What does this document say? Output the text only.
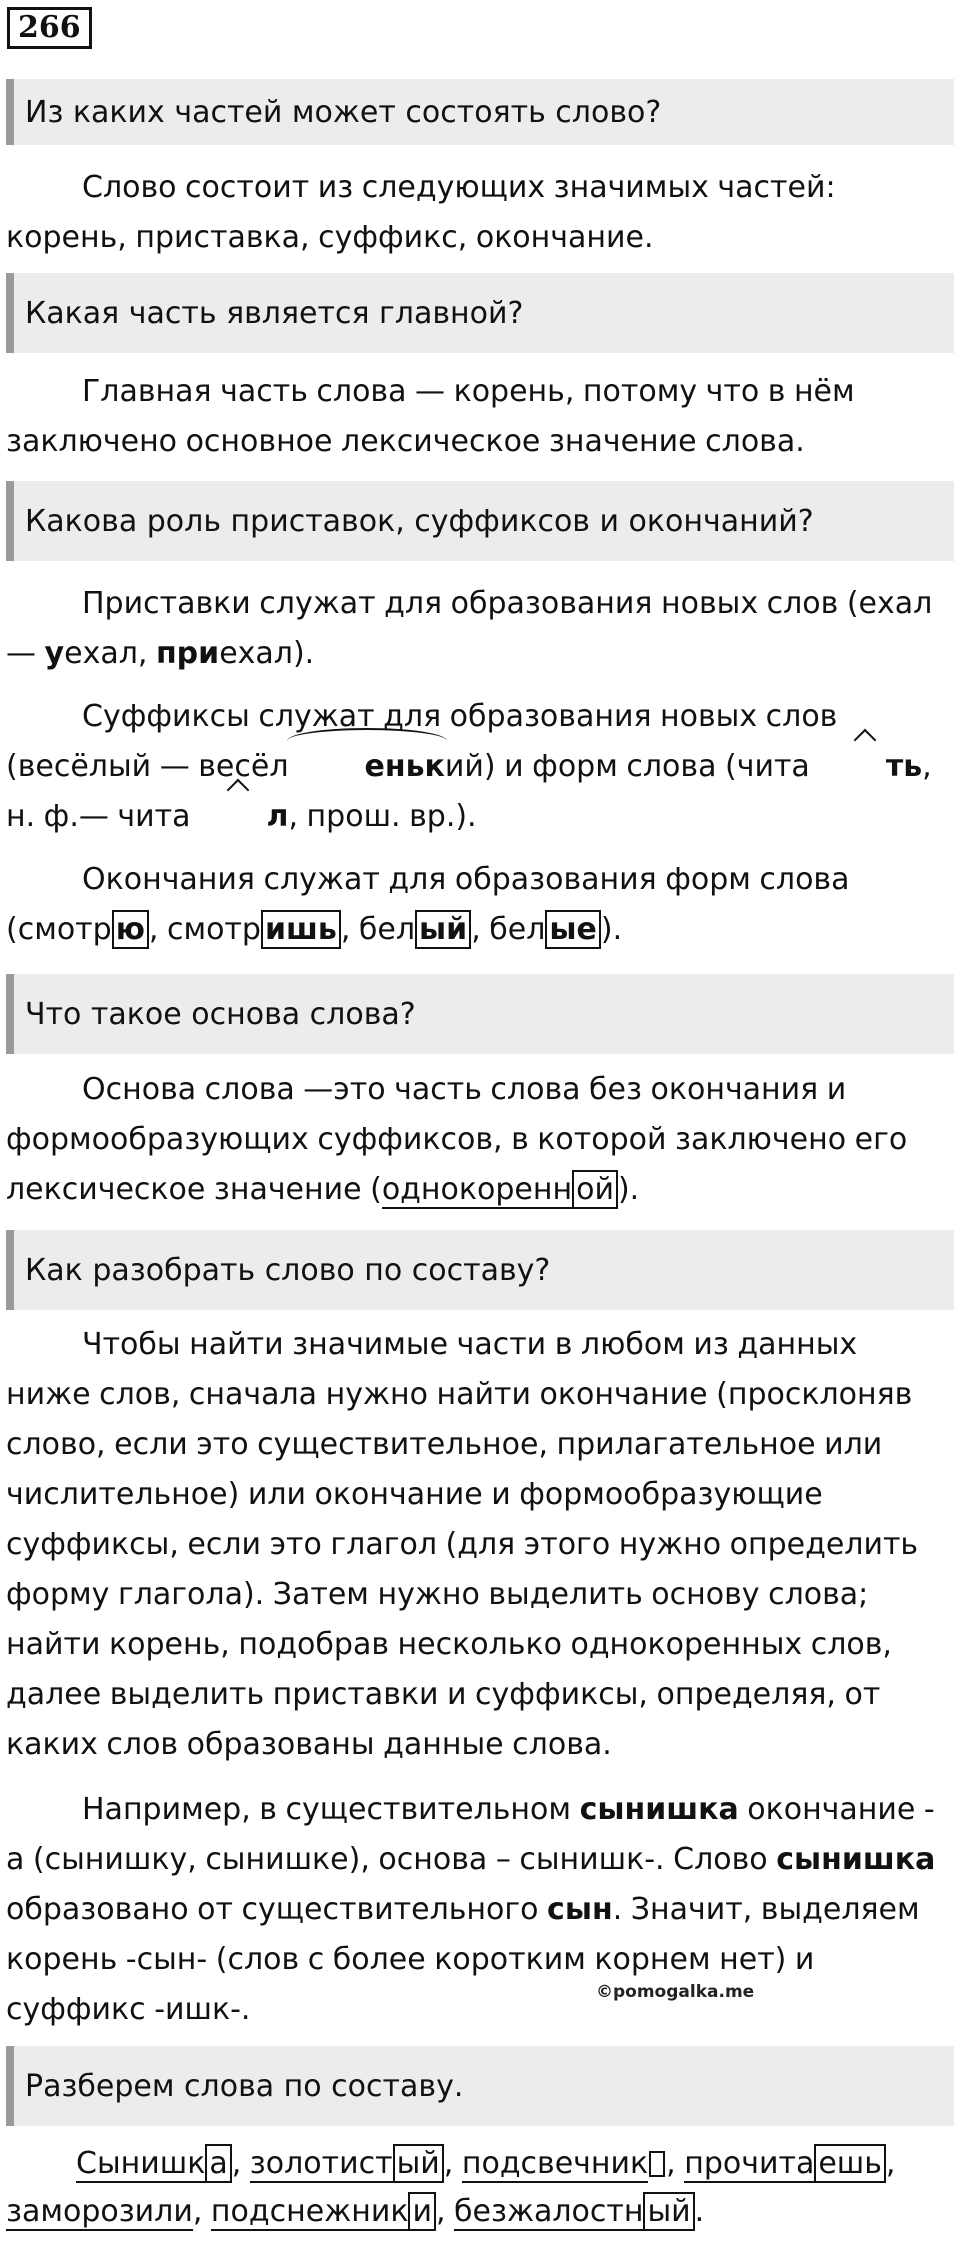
266
Из каких частей может состоять слово?

Слово состоит из следующих значимых частей: корень, приставка, суффикс, окончание.

Какая часть является главной?

Главная часть слова — корень, потому что в нём заключено основное лексическое значение слова.

Какова роль приставок, суффиксов и окончаний?

Приставки служат для образования новых слов (ехал — уехал, приехал).

Суффиксы служат для образования новых слов (весёлый — весёл	енький) и форм слова (чита	ть, н. ф.— чита	л, прош. вр.).

Окончания служат для образования форм слова (смотр ю , смотр ишь , бел ый , бел ые ).

Что такое основа слова?

Основа слова —это часть слова без окончания и формообразующих суффиксов, в которой заключено его лексическое значение (однокоренн ой ).

Как разобрать слово по составу?

Чтобы найти значимые части в любом из данных ниже слов, сначала нужно найти окончание (просклоняв слово, если это существительное, прилагательное или числительное) или окончание и формообразующие суффиксы, если это глагол (для этого нужно определить форму глагола). Затем нужно выделить основу слова; найти корень, подобрав несколько однокоренных слов, далее выделить приставки и суффиксы, определяя, от каких слов образованы данные слова.

Например, в существительном сынишка окончание - а (сынишку, сынишке), основа – сынишк-. Слово сынишка образовано от существительного сын. Значит, выделяем корень -сын- (слов с более коротким корнем нет) и суффикс -ишк-.	©pomogalka.me
Разберем слова по составу.

Сынишк а , золотист ый , подсвечник , прочита ешь , заморозили, подснежник и , безжалостн ый .
